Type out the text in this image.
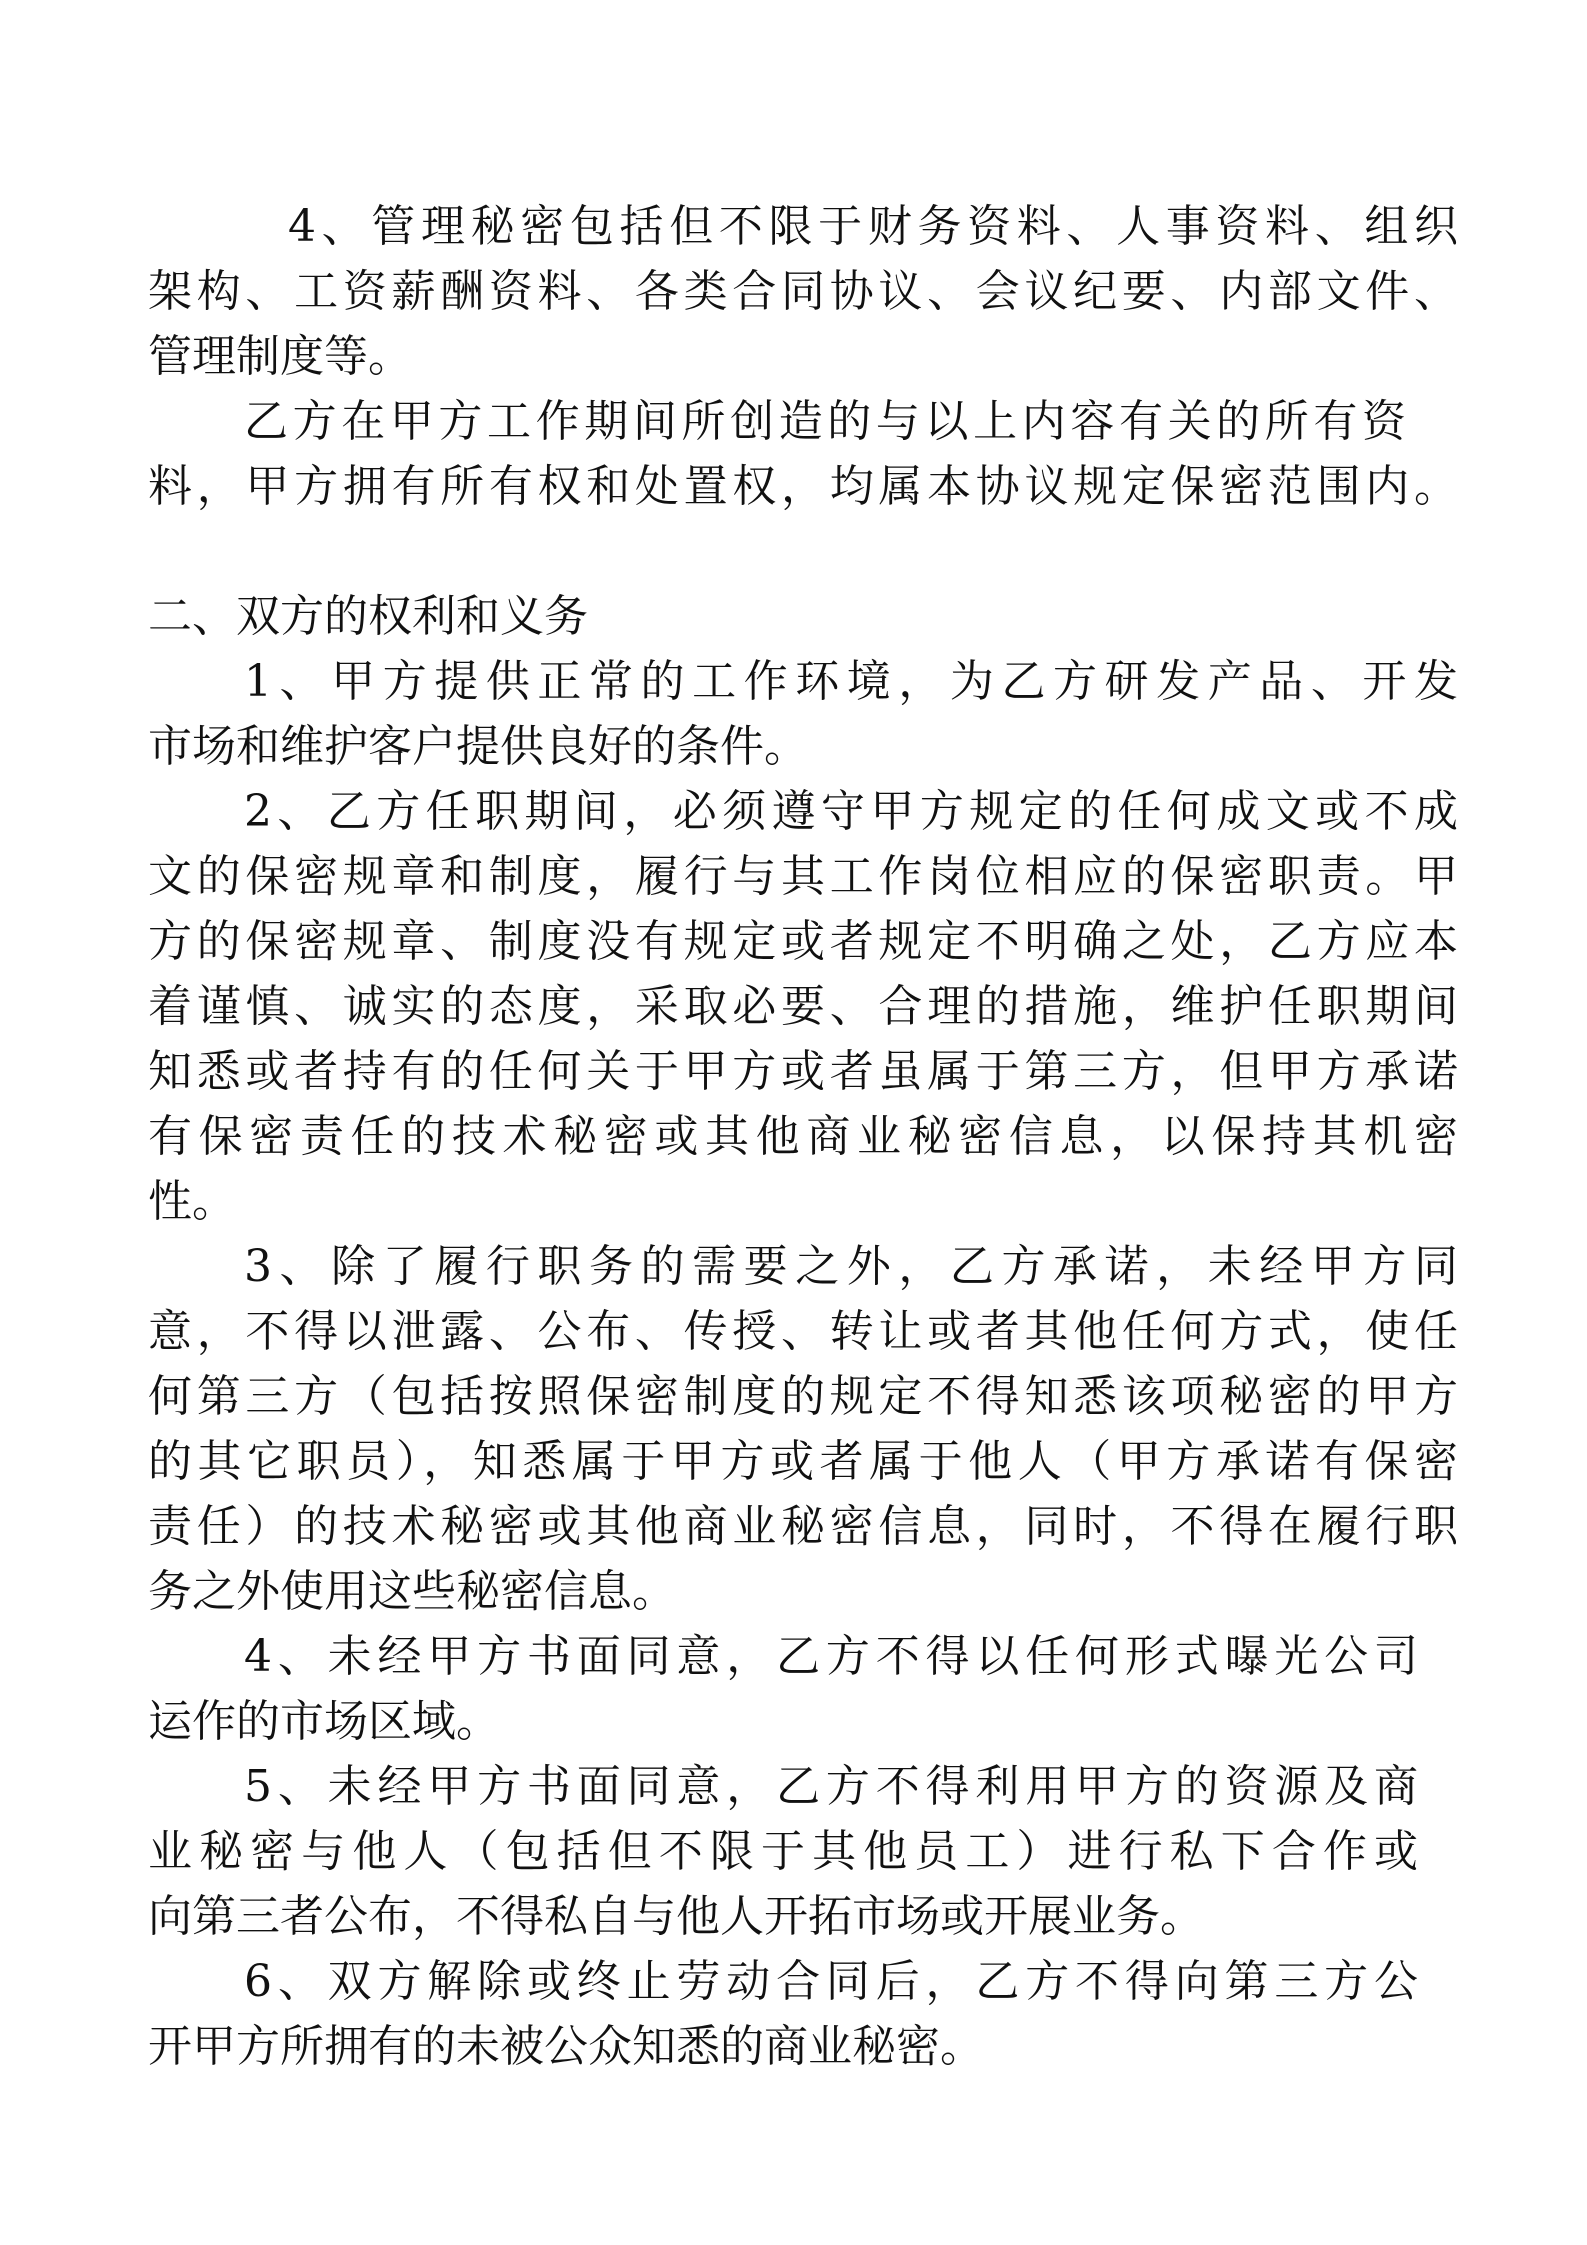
4、管理秘密包括但不限于财务资料、人事资料、组织
架构、工资薪酬资料、各类合同协议、会议纪要、内部文件、
管理制度等。
乙方在甲方工作期间所创造的与以上内容有关的所有资
料，甲方拥有所有权和处置权，均属本协议规定保密范围内。
二、双方的权利和义务
1、甲方提供正常的工作环境，为乙方研发产品、开发
市场和维护客户提供良好的条件。
2、乙方任职期间，必须遵守甲方规定的任何成文或不成
文的保密规章和制度，履行与其工作岗位相应的保密职责。甲
方的保密规章、制度没有规定或者规定不明确之处，乙方应本
着谨慎、诚实的态度，采取必要、合理的措施，维护任职期间
知悉或者持有的任何关于甲方或者虽属于第三方，但甲方承诺
有保密责任的技术秘密或其他商业秘密信息，以保持其机密
性。
3、除了履行职务的需要之外，乙方承诺，未经甲方同
意，不得以泄露、公布、传授、转让或者其他任何方式，使任
何第三方（包括按照保密制度的规定不得知悉该项秘密的甲方
的其它职员），知悉属于甲方或者属于他人（甲方承诺有保密
责任）的技术秘密或其他商业秘密信息，同时，不得在履行职
务之外使用这些秘密信息。
4、未经甲方书面同意，乙方不得以任何形式曝光公司
运作的市场区域。
5、未经甲方书面同意，乙方不得利用甲方的资源及商
业秘密与他人（包括但不限于其他员工）进行私下合作或
向第三者公布，不得私自与他人开拓市场或开展业务。
6、双方解除或终止劳动合同后，乙方不得向第三方公
开甲方所拥有的未被公众知悉的商业秘密。
